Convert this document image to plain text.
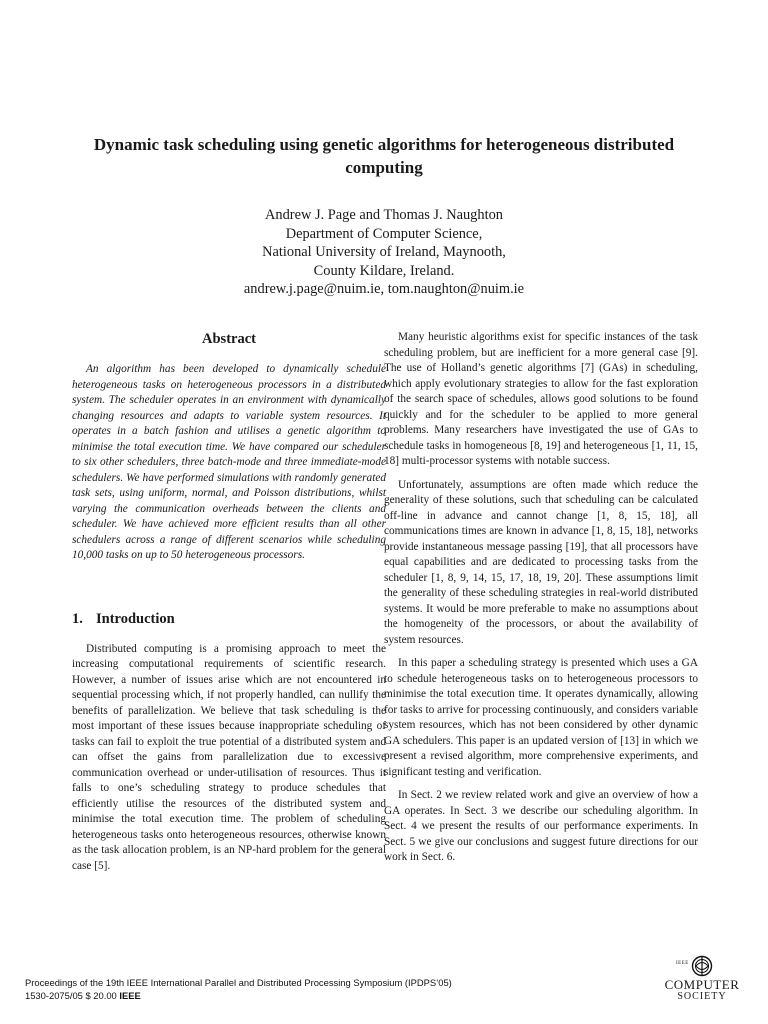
Dynamic task scheduling using genetic algorithms for heterogeneous distributed computing
Andrew J. Page and Thomas J. Naughton
Department of Computer Science,
National University of Ireland, Maynooth,
County Kildare, Ireland.
andrew.j.page@nuim.ie, tom.naughton@nuim.ie
Abstract

An algorithm has been developed to dynamically schedule heterogeneous tasks on heterogeneous processors in a distributed system. The scheduler operates in an environment with dynamically changing resources and adapts to variable system resources. It operates in a batch fashion and utilises a genetic algorithm to minimise the total execution time. We have compared our scheduler to six other schedulers, three batch-mode and three immediate-mode schedulers. We have performed simulations with randomly generated task sets, using uniform, normal, and Poisson distributions, whilst varying the communication overheads between the clients and scheduler. We have achieved more efficient results than all other schedulers across a range of different scenarios while scheduling 10,000 tasks on up to 50 heterogeneous processors.

1. Introduction

Distributed computing is a promising approach to meet the increasing computational requirements of scientific research. However, a number of issues arise which are not encountered in sequential processing which, if not properly handled, can nullify the benefits of parallelization. We believe that task scheduling is the most important of these issues because inappropriate scheduling of tasks can fail to exploit the true potential of a distributed system and can offset the gains from parallelization due to excessive communication overhead or under-utilisation of resources. Thus it falls to one’s scheduling strategy to produce schedules that efficiently utilise the resources of the distributed system and minimise the total execution time. The problem of scheduling heterogeneous tasks onto heterogeneous resources, otherwise known as the task allocation problem, is an NP-hard problem for the general case [5].

Many heuristic algorithms exist for specific instances of the task scheduling problem, but are inefficient for a more general case [9]. The use of Holland’s genetic algorithms [7] (GAs) in scheduling, which apply evolutionary strategies to allow for the fast exploration of the search space of schedules, allows good solutions to be found quickly and for the scheduler to be applied to more general problems. Many researchers have investigated the use of GAs to schedule tasks in homogeneous [8, 19] and heterogeneous [1, 11, 15, 18] multi-processor systems with notable success.

Unfortunately, assumptions are often made which reduce the generality of these solutions, such that scheduling can be calculated off-line in advance and cannot change [1, 8, 15, 18], all communications times are known in advance [1, 8, 15, 18], networks provide instantaneous message passing [19], that all processors have equal capabilities and are dedicated to processing tasks from the scheduler [1, 8, 9, 14, 15, 17, 18, 19, 20]. These assumptions limit the generality of these scheduling strategies in real-world distributed systems. It would be more preferable to make no assumptions about the homogeneity of the processors, or about the availability of system resources.

In this paper a scheduling strategy is presented which uses a GA to schedule heterogeneous tasks on to heterogeneous processors to minimise the total execution time. It operates dynamically, allowing for tasks to arrive for processing continuously, and considers variable system resources, which has not been considered by other dynamic GA schedulers. This paper is an updated version of [13] in which we present a revised algorithm, more comprehensive experiments, and significant testing and verification.

In Sect. 2 we review related work and give an overview of how a GA operates. In Sect. 3 we describe our scheduling algorithm. In Sect. 4 we present the results of our performance experiments. In Sect. 5 we give our conclusions and suggest future directions for our work in Sect. 6.

Proceedings of the 19th IEEE International Parallel and Distributed Processing Symposium (IPDPS’05)
1530-2075/05 $ 20.00 IEEE
IEEE
COMPUTER
SOCIETY
